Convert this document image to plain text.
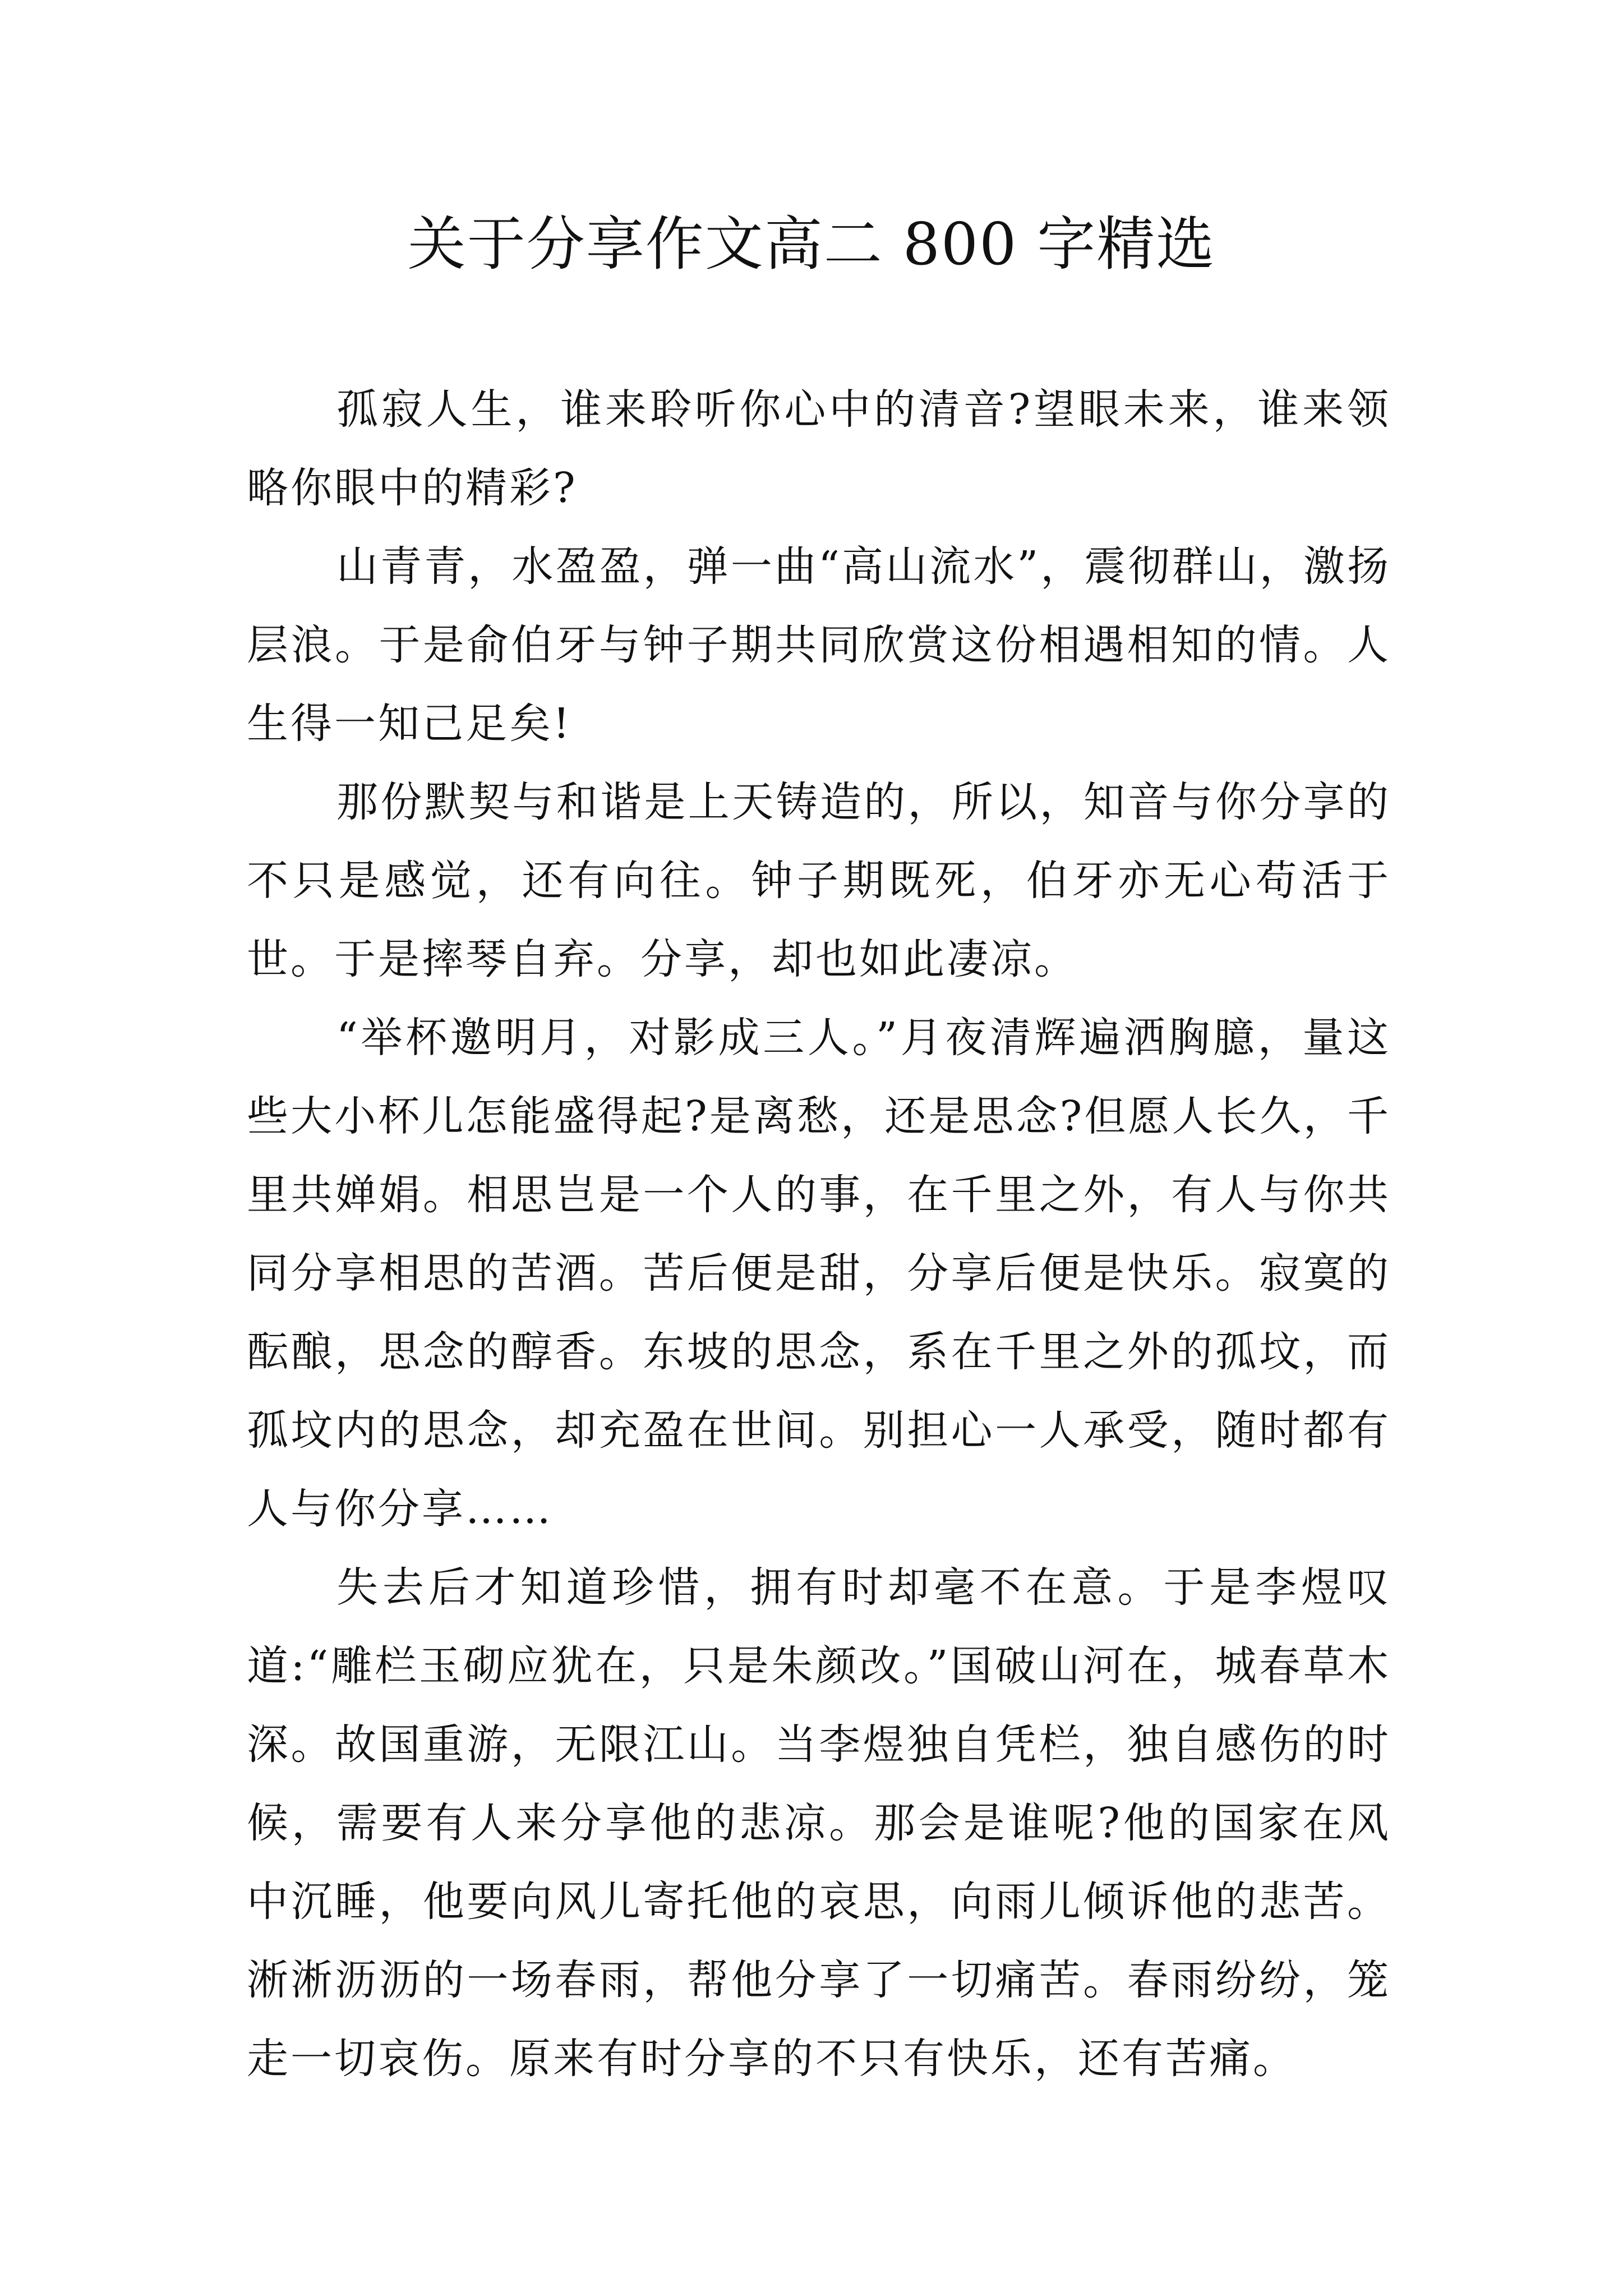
关于分享作文高二 800 字精选

孤寂人生，谁来聆听你心中的清音?望眼未来，谁来领略你眼中的精彩?

山青青，水盈盈，弹一曲“高山流水”，震彻群山，激扬层浪。于是俞伯牙与钟子期共同欣赏这份相遇相知的情。人生得一知己足矣!

那份默契与和谐是上天铸造的，所以，知音与你分享的不只是感觉，还有向往。钟子期既死，伯牙亦无心苟活于世。于是摔琴自弃。分享，却也如此凄凉。

“举杯邀明月，对影成三人。”月夜清辉遍洒胸臆，量这些大小杯儿怎能盛得起?是离愁，还是思念?但愿人长久，千里共婵娟。相思岂是一个人的事，在千里之外，有人与你共同分享相思的苦酒。苦后便是甜，分享后便是快乐。寂寞的酝酿，思念的醇香。东坡的思念，系在千里之外的孤坟，而孤坟内的思念，却充盈在世间。别担心一人承受，随时都有人与你分享……

失去后才知道珍惜，拥有时却毫不在意。于是李煜叹道:“雕栏玉砌应犹在，只是朱颜改。”国破山河在，城春草木深。故国重游，无限江山。当李煜独自凭栏，独自感伤的时候，需要有人来分享他的悲凉。那会是谁呢?他的国家在风中沉睡，他要向风儿寄托他的哀思，向雨儿倾诉他的悲苦。淅淅沥沥的一场春雨，帮他分享了一切痛苦。春雨纷纷，笼走一切哀伤。原来有时分享的不只有快乐，还有苦痛。
